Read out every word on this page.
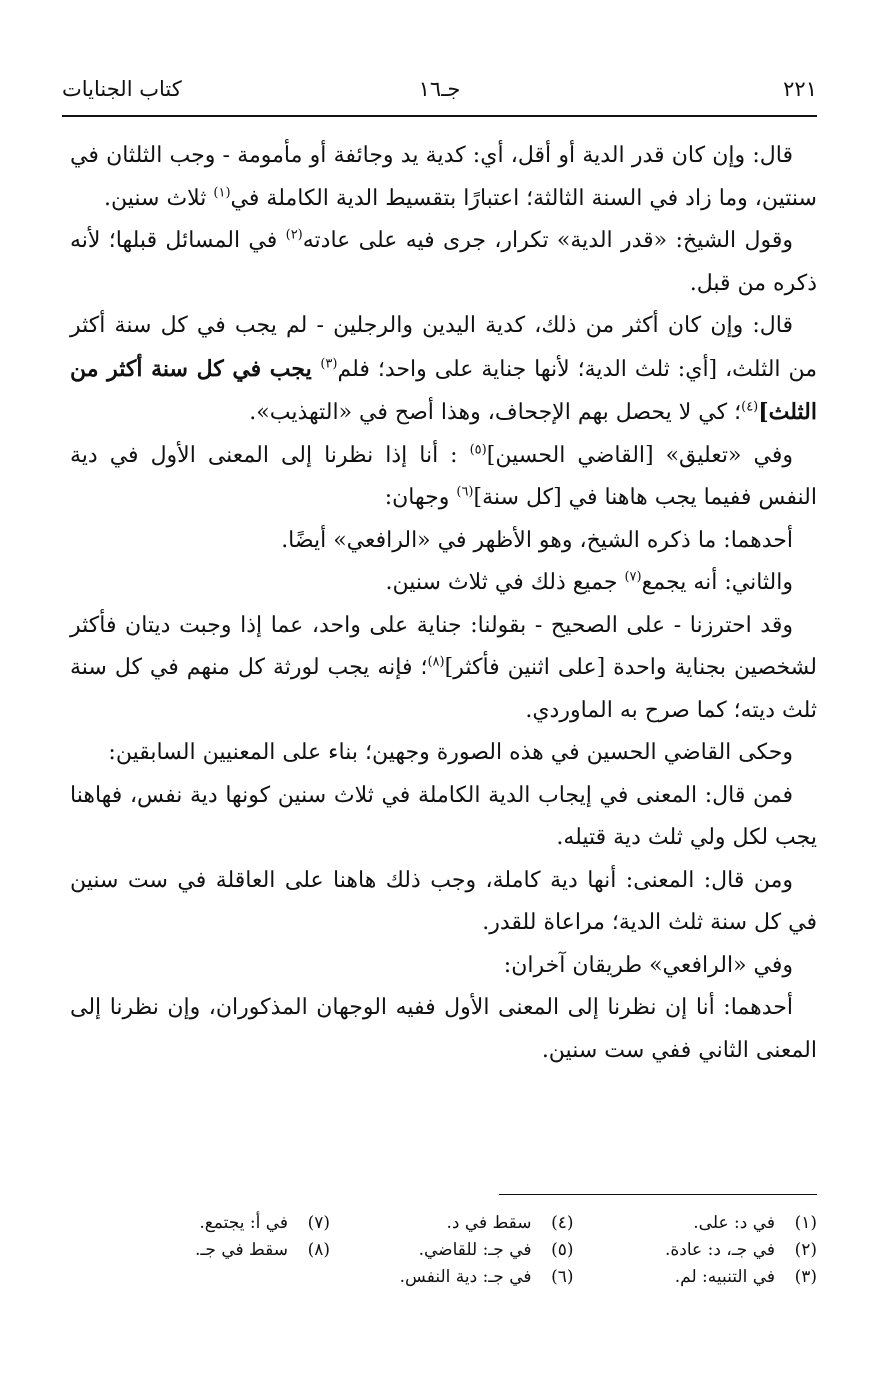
٢٢١
جـ١٦
كتاب الجنايات

قال: وإن كان قدر الدية أو أقل، أي: كدية يد وجائفة أو مأمومة - وجب الثلثان في سنتين، وما زاد في السنة الثالثة؛ اعتبارًا بتقسيط الدية الكاملة في$^{(١)}$ ثلاث سنين.

وقول الشيخ: «قدر الدية» تكرار، جرى فيه على عادته$^{(٢)}$ في المسائل قبلها؛ لأنه ذكره من قبل.

قال: وإن كان أكثر من ذلك، كدية اليدين والرجلين - لم يجب في كل سنة أكثر من الثلث، [أي: ثلث الدية؛ لأنها جناية على واحد؛ فلم$^{(٣)}$ يجب في كل سنة أكثر من الثلث]$^{(٤)}$؛ كي لا يحصل بهم الإجحاف، وهذا أصح في «التهذيب».

وفي «تعليق» [القاضي الحسين]$^{(٥)}$ : أنا إذا نظرنا إلى المعنى الأول في دية النفس ففيما يجب هاهنا في [كل سنة]$^{(٦)}$ وجهان:

أحدهما: ما ذكره الشيخ، وهو الأظهر في «الرافعي» أيضًا.

والثاني: أنه يجمع$^{(٧)}$ جميع ذلك في ثلاث سنين.

وقد احترزنا - على الصحيح - بقولنا: جناية على واحد، عما إذا وجبت ديتان فأكثر لشخصين بجناية واحدة [على اثنين فأكثر]$^{(٨)}$؛ فإنه يجب لورثة كل منهم في كل سنة ثلث ديته؛ كما صرح به الماوردي.

وحكى القاضي الحسين في هذه الصورة وجهين؛ بناء على المعنيين السابقين:

فمن قال: المعنى في إيجاب الدية الكاملة في ثلاث سنين كونها دية نفس، فهاهنا يجب لكل ولي ثلث دية قتيله.

ومن قال: المعنى: أنها دية كاملة، وجب ذلك هاهنا على العاقلة في ست سنين في كل سنة ثلث الدية؛ مراعاة للقدر.

وفي «الرافعي» طريقان آخران:

أحدهما: أنا إن نظرنا إلى المعنى الأول ففيه الوجهان المذكوران، وإن نظرنا إلى المعنى الثاني ففي ست سنين.

(١)في د: على.
(٢)في جـ، د: عادة.
(٣)في التنبيه: لم.
(٤)سقط في د.
(٥)في جـ: للقاضي.
(٦)في جـ: دية النفس.
(٧)في أ: يجتمع.
(٨)سقط في جـ.
